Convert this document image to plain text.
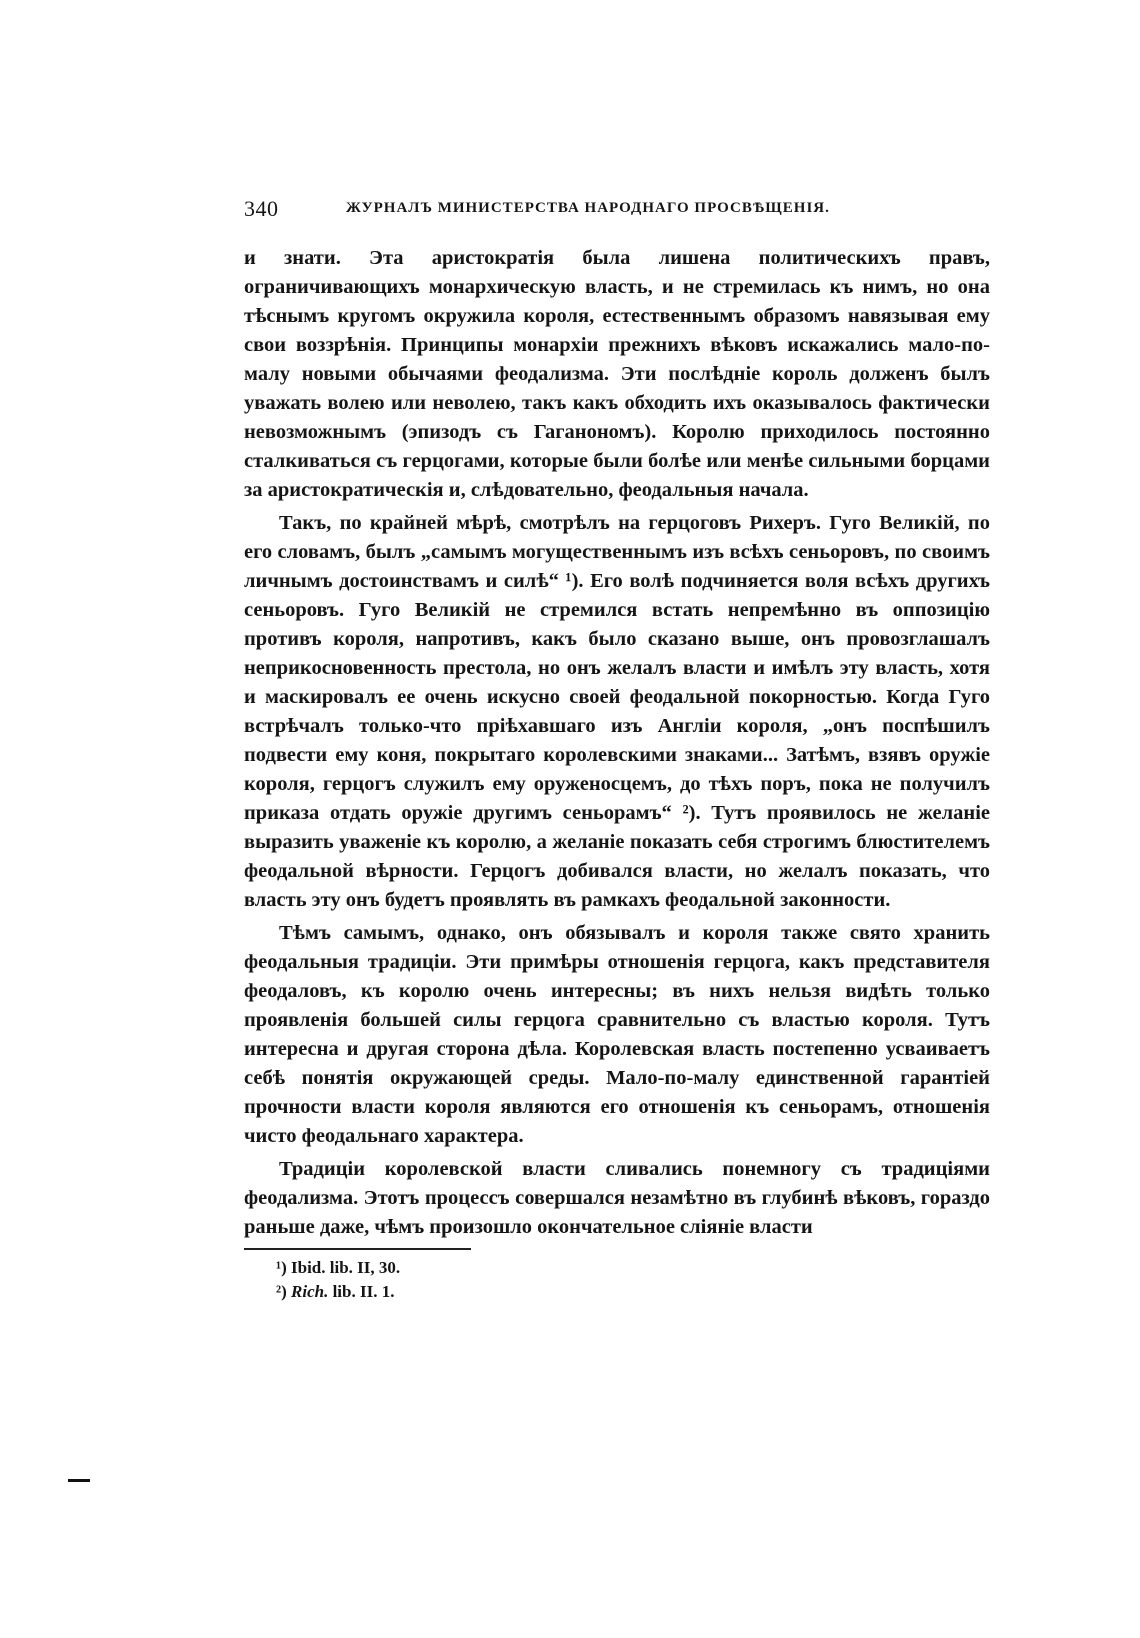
340	ЖУРНАЛЪ МИНИСТЕРСТВА НАРОДНАГО ПРОСВѢЩЕНІЯ.

и знати. Эта аристократія была лишена политическихъ правъ, ограничивающихъ монархическую власть, и не стремилась къ нимъ, но она тѣснымъ кругомъ окружила короля, естественнымъ образомъ навязывая ему свои воззрѣнія. Принципы монархіи прежнихъ вѣковъ искажались мало-по-малу новыми обычаями феодализма. Эти послѣдніе король долженъ былъ уважать волею или неволею, такъ какъ обходить ихъ оказывалось фактически невозможнымъ (эпизодъ съ Гаганономъ). Королю приходилось постоянно сталкиваться съ герцогами, которые были болѣе или менѣе сильными борцами за аристократическія и, слѣдовательно, феодальныя начала.

Такъ, по крайней мѣрѣ, смотрѣлъ на герцоговъ Рихеръ. Гуго Великій, по его словамъ, былъ „самымъ могущественнымъ изъ всѣхъ сеньоровъ, по своимъ личнымъ достоинствамъ и силѣ“ ¹). Его волѣ подчиняется воля всѣхъ другихъ сеньоровъ. Гуго Великій не стремился встать непремѣнно въ оппозицію противъ короля, напротивъ, какъ было сказано выше, онъ провозглашалъ неприкосновенность престола, но онъ желалъ власти и имѣлъ эту власть, хотя и маскировалъ ее очень искусно своей феодальной покорностью. Когда Гуго встрѣчалъ только-что пріѣхавшаго изъ Англіи короля, „онъ поспѣшилъ подвести ему коня, покрытаго королевскими знаками... Затѣмъ, взявъ оружіе короля, герцогъ служилъ ему оруженосцемъ, до тѣхъ поръ, пока не получилъ приказа отдать оружіе другимъ сеньорамъ“ ²). Тутъ проявилось не желаніе выразить уваженіе къ королю, а желаніе показать себя строгимъ блюстителемъ феодальной вѣрности. Герцогъ добивался власти, но желалъ показать, что власть эту онъ будетъ проявлять въ рамкахъ феодальной законности.

Тѣмъ самымъ, однако, онъ обязывалъ и короля также свято хранить феодальныя традиціи. Эти примѣры отношенія герцога, какъ представителя феодаловъ, къ королю очень интересны; въ нихъ нельзя видѣть только проявленія большей силы герцога сравнительно съ властью короля. Тутъ интересна и другая сторона дѣла. Королевская власть постепенно усваиваетъ себѣ понятія окружающей среды. Мало-по-малу единственной гарантіей прочности власти короля являются его отношенія къ сеньорамъ, отношенія чисто феодальнаго характера.

Традиціи королевской власти сливались понемногу съ традиціями феодализма. Этотъ процессъ совершался незамѣтно въ глубинѣ вѣковъ, гораздо раньше даже, чѣмъ произошло окончательное сліяніе власти

¹) Ibid. lib. II, 30.
²) Rich. lib. II. 1.
